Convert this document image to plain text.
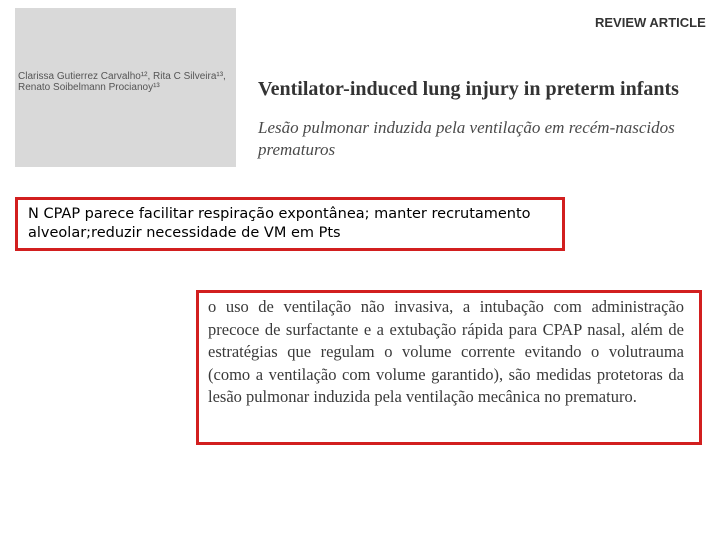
Clarissa Gutierrez Carvalho¹², Rita C Silveira¹³,
Renato Soibelmann Procianoy¹³
REVIEW ARTICLE
Ventilator-induced lung injury in preterm infants
Lesão pulmonar induzida pela ventilação em recém-nascidos prematuros
N CPAP parece facilitar respiração expontânea; manter recrutamento alveolar;reduzir necessidade de VM em Pts
o uso de ventilação não invasiva, a intubação com administração precoce de surfactante e a extubação rápida para CPAP nasal, além de estratégias que regulam o volume corrente evitando o volutrauma (como a ventilação com volume garantido), são medidas protetoras da lesão pulmonar induzida pela ventilação mecânica no prematuro.
